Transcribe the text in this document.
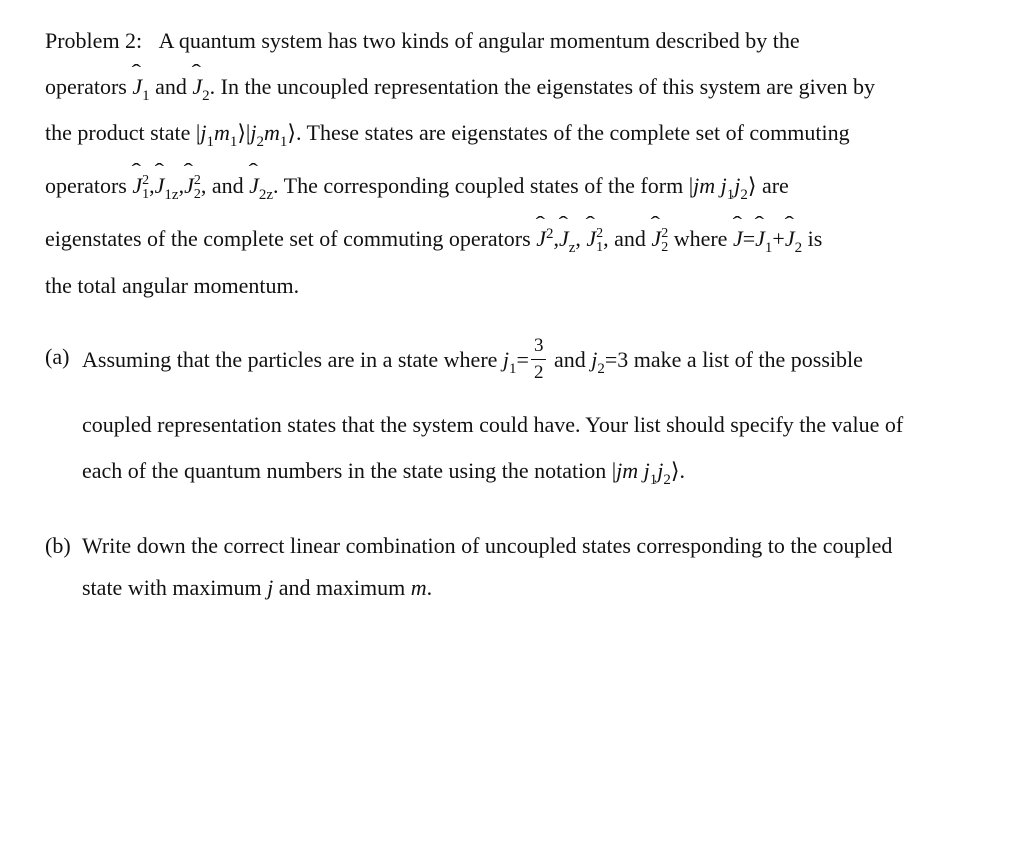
Problem 2: A quantum system has two kinds of angular momentum described by the
operators ˆ $J_1$ and ˆ $J_2$. In the uncoupled representation the eigenstates of this system are given by
the product state $|j_1m_1⟩|j_2m_1⟩$. These states are eigenstates of the complete set of commuting
operators ˆ J 2
1 ,ˆ $J_{1z},ˆ$ J 2
2 , and ˆ $J_{2z}$. The corresponding coupled states of the form |jm $j_1j_2⟩$ are
eigenstates of the complete set of commuting operators ˆ $J^2,ˆ$ $J_z$, ˆ J 2
1 , and ˆ J 2
2 where ˆ J=ˆ $J_1+ˆ$ $J_2$ is
the total angular momentum.
(a) Assuming that the particles are in a state where $j_1= \frac{3}{2}$ and $j_2=3$ make a list of the possible
coupled representation states that the system could have. Your list should specify the value of
each of the quantum numbers in the state using the notation |jm $j_1j_2⟩$.
(b) Write down the correct linear combination of uncoupled states corresponding to the coupled
state with maximum j and maximum m.
